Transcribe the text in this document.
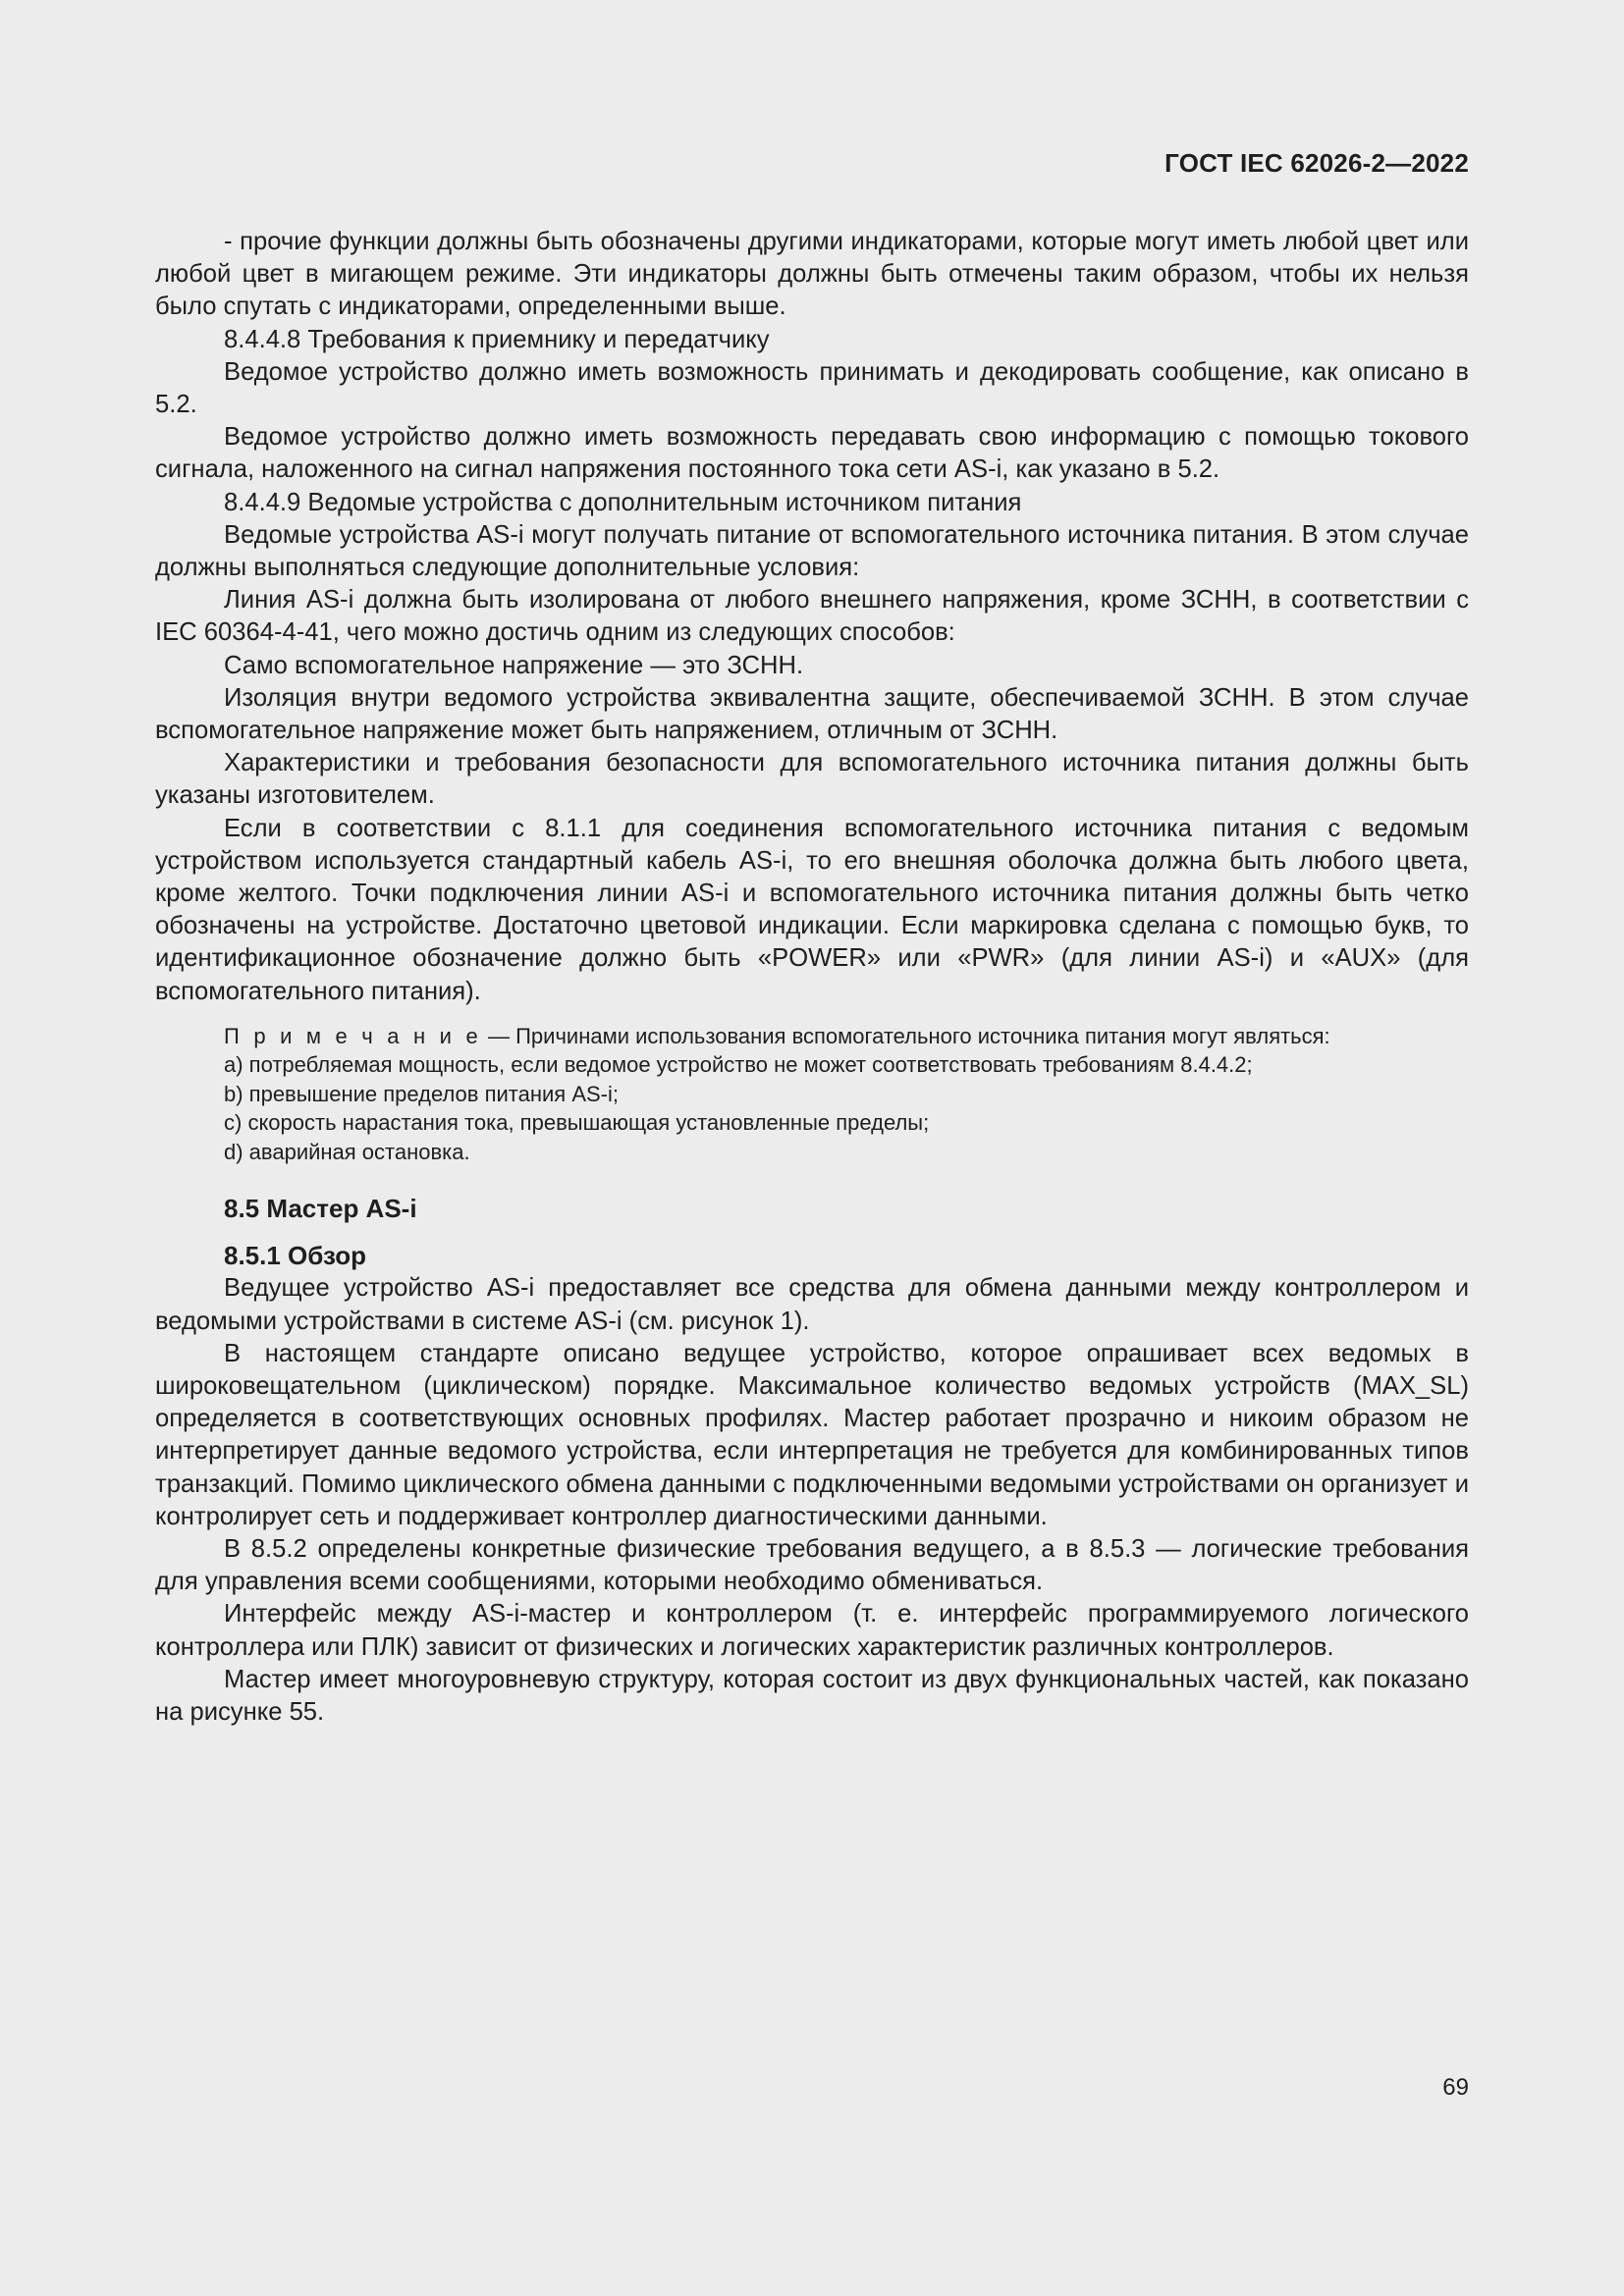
ГОСТ IEC 62026-2—2022

- прочие функции должны быть обозначены другими индикаторами, которые могут иметь любой цвет или любой цвет в мигающем режиме. Эти индикаторы должны быть отмечены таким образом, чтобы их нельзя было спутать с индикаторами, определенными выше.

8.4.4.8 Требования к приемнику и передатчику

Ведомое устройство должно иметь возможность принимать и декодировать сообщение, как описано в 5.2.

Ведомое устройство должно иметь возможность передавать свою информацию с помощью токового сигнала, наложенного на сигнал напряжения постоянного тока сети AS-i, как указано в 5.2.

8.4.4.9 Ведомые устройства с дополнительным источником питания

Ведомые устройства AS-i могут получать питание от вспомогательного источника питания. В этом случае должны выполняться следующие дополнительные условия:

Линия AS-i должна быть изолирована от любого внешнего напряжения, кроме ЗСНН, в соответствии с IEC 60364-4-41, чего можно достичь одним из следующих способов:

Само вспомогательное напряжение — это ЗСНН.

Изоляция внутри ведомого устройства эквивалентна защите, обеспечиваемой ЗСНН. В этом случае вспомогательное напряжение может быть напряжением, отличным от ЗСНН.

Характеристики и требования безопасности для вспомогательного источника питания должны быть указаны изготовителем.

Если в соответствии с 8.1.1 для соединения вспомогательного источника питания с ведомым устройством используется стандартный кабель AS-i, то его внешняя оболочка должна быть любого цвета, кроме желтого. Точки подключения линии AS-i и вспомогательного источника питания должны быть четко обозначены на устройстве. Достаточно цветовой индикации. Если маркировка сделана с помощью букв, то идентификационное обозначение должно быть «POWER» или «PWR» (для линии AS-i) и «AUX» (для вспомогательного питания).

П р и м е ч а н и е — Причинами использования вспомогательного источника питания могут являться:

a) потребляемая мощность, если ведомое устройство не может соответствовать требованиям 8.4.4.2;

b) превышение пределов питания AS-i;

c) скорость нарастания тока, превышающая установленные пределы;

d) аварийная остановка.

8.5 Мастер AS-i
8.5.1 Обзор

Ведущее устройство AS-i предоставляет все средства для обмена данными между контроллером и ведомыми устройствами в системе AS-i (см. рисунок 1).

В настоящем стандарте описано ведущее устройство, которое опрашивает всех ведомых в широковещательном (циклическом) порядке. Максимальное количество ведомых устройств (MAX_SL) определяется в соответствующих основных профилях. Мастер работает прозрачно и никоим образом не интерпретирует данные ведомого устройства, если интерпретация не требуется для комбинированных типов транзакций. Помимо циклического обмена данными с подключенными ведомыми устройствами он организует и контролирует сеть и поддерживает контроллер диагностическими данными.

В 8.5.2 определены конкретные физические требования ведущего, а в 8.5.3 — логические требования для управления всеми сообщениями, которыми необходимо обмениваться.

Интерфейс между AS-i-мастер и контроллером (т. е. интерфейс программируемого логического контроллера или ПЛК) зависит от физических и логических характеристик различных контроллеров.

Мастер имеет многоуровневую структуру, которая состоит из двух функциональных частей, как показано на рисунке 55.

69
